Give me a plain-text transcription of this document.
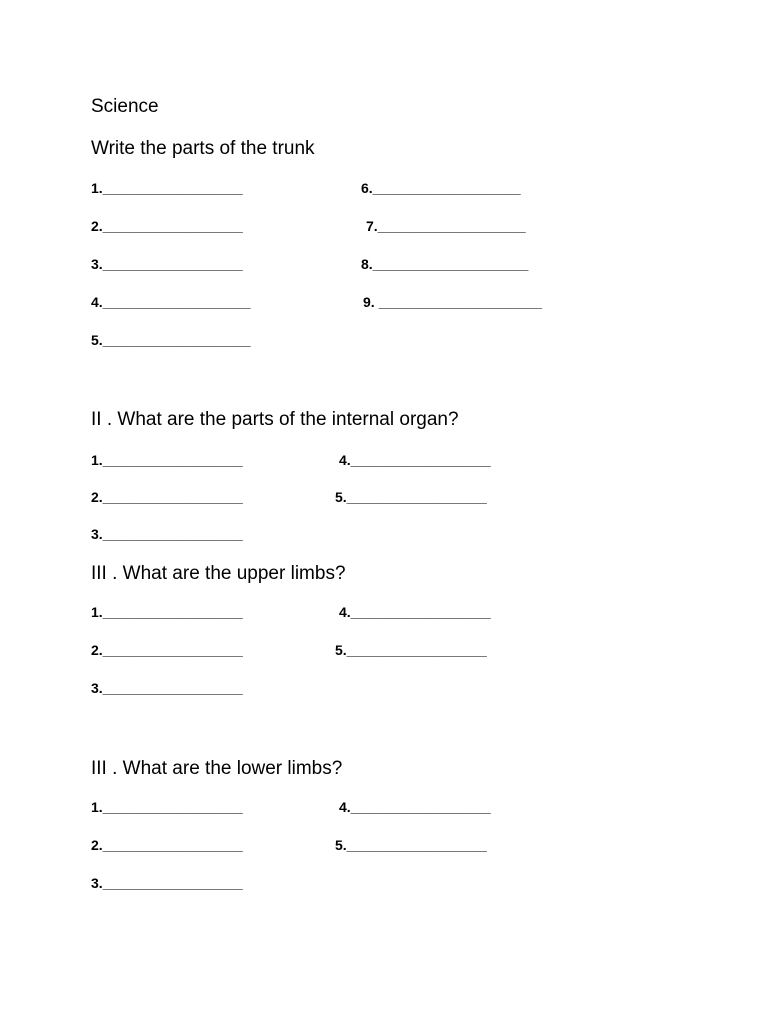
Science
Write the parts of the trunk
1.__________________
2.__________________
3.__________________
4.___________________
5.___________________
6.___________________
7.___________________
8.____________________
9. _____________________
II . What are the parts of the internal organ?
1.__________________
2.__________________
3.__________________
4.__________________
5.__________________
III . What are the upper limbs?
1.__________________
2.__________________
3.__________________
4.__________________
5.__________________
III . What are the lower limbs?
1.__________________
2.__________________
3.__________________
4.__________________
5.__________________
